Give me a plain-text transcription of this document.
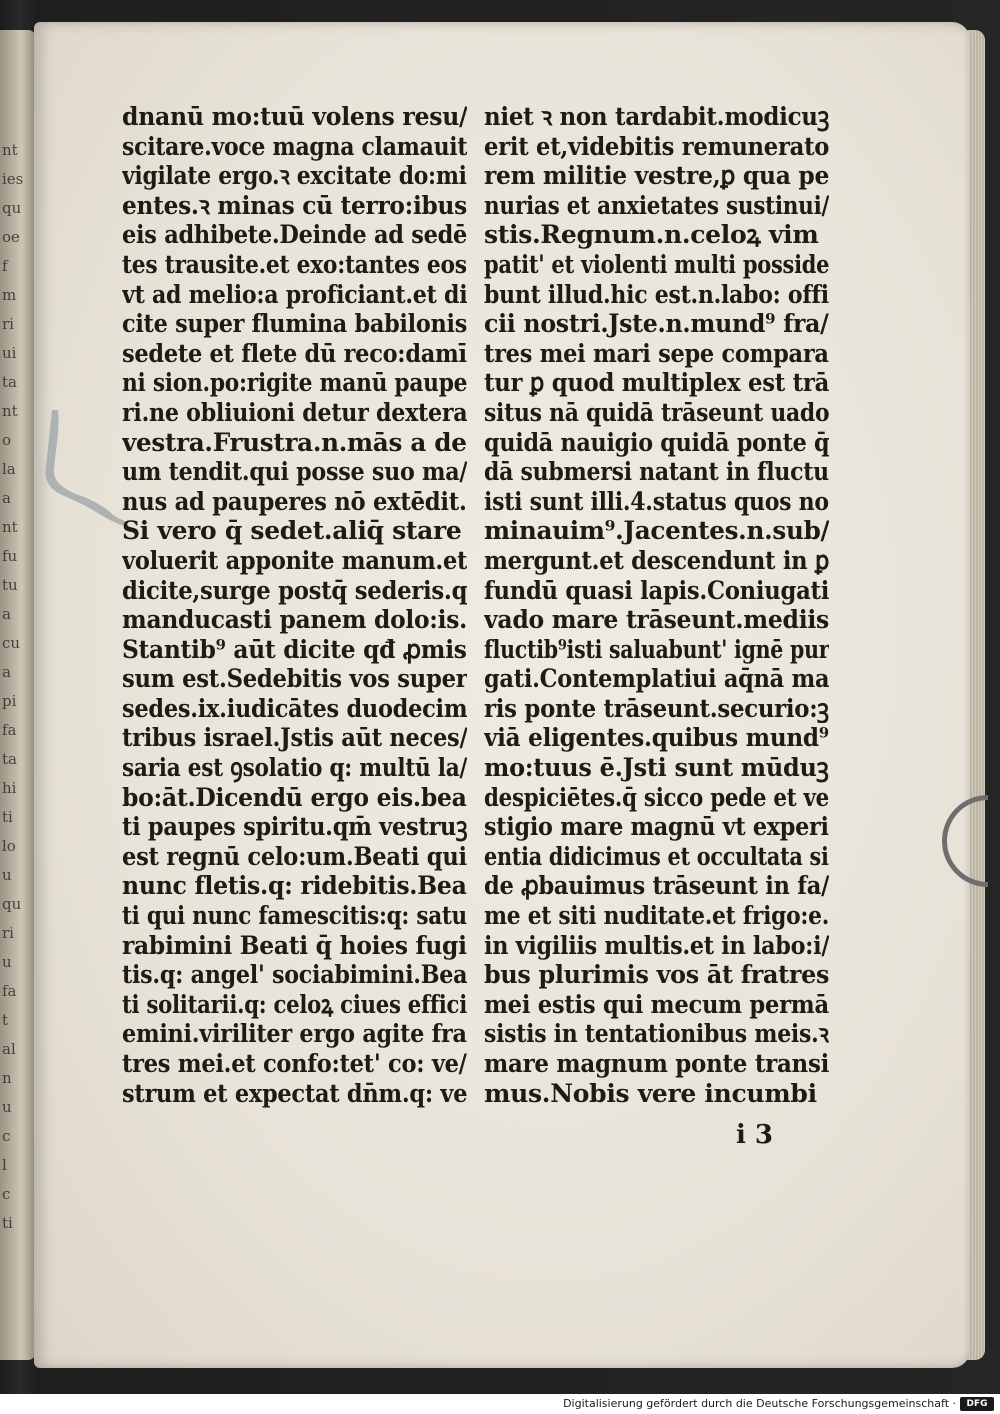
nt
ies
qu
oe
f
m
ri
ui
ta
nt
o
la
a
nt
fu
tu
a
cu
a
pi
fa
ta
hi
ti
lo
u
qu
ri
u
fa
t
al
n
u
c
l
c
ti
dnanū mo:tuū volens resu/
scitare.voce magna clamauit
vigilate ergo.ꝛ excitate do:mi
entes.ꝛ minas cū terro:ibus
eis adhibete.Deinde ad sedē
tes trausite.et exo:tantes eos
vt ad melio:a proficiant.et di
cite super flumina babilonis
sedete et flete dū reco:damī
ni sion.po:rigite manū paupe
ri.ne obliuioni detur dextera
vestra.Frustra.n.mās a de
um tendit.qui posse suo ma/
nus ad pauperes nō extēdit.
Si vero q̄ sedet.aliq̄ stare
voluerit apponite manum.et
dicite,surge postq̄ sederis.q
manducasti panem dolo:is.
Stantib⁹ aūt dicite qđ ꝓmis
sum est.Sedebitis vos super
sedes.ix.iudicātes duodecim
tribus israel.Jstis aūt neces/
saria est ꝯsolatio q: multū la/
bo:āt.Dicendū ergo eis.bea
ti paupes spiritu.qm̄ vestruꝫ
est regnū celo:um.Beati qui
nunc fletis.q: ridebitis.Bea
ti qui nunc famescitis:q: satu
rabimini Beati q̄ hoies fugi
tis.q: angel' sociabimini.Bea
ti solitarii.q: celoꝝ ciues effici
emini.viriliter ergo agite fra
tres mei.et confo:tet' co: ve/
strum et expectat dn̄m.q: ve
niet ꝛ non tardabit.modicuꝫ
erit et,videbitis remunerato
rem militie vestre,ꝑ qua pe
nurias et anxietates sustinui/
stis.Regnum.n.celoꝝ vim
patit' et violenti multi posside
bunt illud.hic est.n.labo: offi
cii nostri.Jste.n.mund⁹ fra/
tres mei mari sepe compara
tur ꝑ quod multiplex est trā
situs nā quidā trāseunt uado
quidā nauigio quidā ponte q̄
dā submersi natant in fluctu
isti sunt illi.4.status quos no
minauim⁹.Jacentes.n.sub/
mergunt.et descendunt in ꝑ
fundū quasi lapis.Coniugati
vado mare trāseunt.mediis
fluctib⁹isti saluabunt' ignē pur
gati.Contemplatiui aq̄nā ma
ris ponte trāseunt.securio:ꝫ
viā eligentes.quibus mund⁹
mo:tuus ē.Jsti sunt mūduꝫ
despiciētes.q̄ sicco pede et ve
stigio mare magnū vt experi
entia didicimus et occultata si
de ꝓbauimus trāseunt in fa/
me et siti nuditate.et frigo:e.
in vigiliis multis.et in labo:i/
bus plurimis vos āt fratres
mei estis qui mecum permā
sistis in tentationibus meis.ꝛ
mare magnum ponte transi
mus.Nobis vere incumbi
i 3
Digitalisierung gefördert durch die Deutsche Forschungsgemeinschaft ·	DFG
